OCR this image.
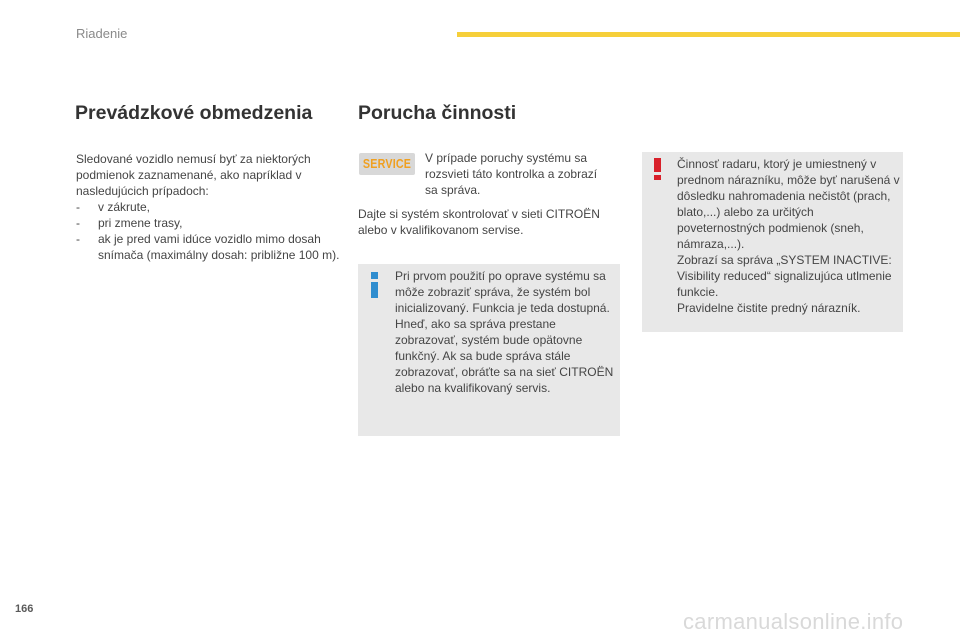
Riadenie
Prevádzkové obmedzenia

Sledované vozidlo nemusí byť za niektorých podmienok zaznamenané, ako napríklad v nasledujúcich prípadoch:

-	v zákrute,
-	pri zmene trasy,
-	ak je pred vami idúce vozidlo mimo dosah snímača (maximálny dosah: približne 100 m).
Porucha činnosti
SERVICE V prípade poruchy systému sa rozsvieti táto kontrolka a zobrazí sa správa.
Dajte si systém skontrolovať v sieti CITROËN alebo v kvalifikovanom servise.
Pri prvom použití po oprave systému sa môže zobraziť správa, že systém bol inicializovaný. Funkcia je teda dostupná. Hneď, ako sa správa prestane zobrazovať, systém bude opätovne funkčný. Ak sa bude správa stále zobrazovať, obráťte sa na sieť CITROËN alebo na kvalifikovaný servis.
Činnosť radaru, ktorý je umiestnený v prednom nárazníku, môže byť narušená v dôsledku nahromadenia nečistôt (prach, blato,...) alebo za určitých poveternostných podmienok (sneh, námraza,...).
Zobrazí sa správa „SYSTEM INACTIVE: Visibility reduced“ signalizujúca utlmenie funkcie.
Pravidelne čistite predný nárazník.
166	carmanualsonline.info
